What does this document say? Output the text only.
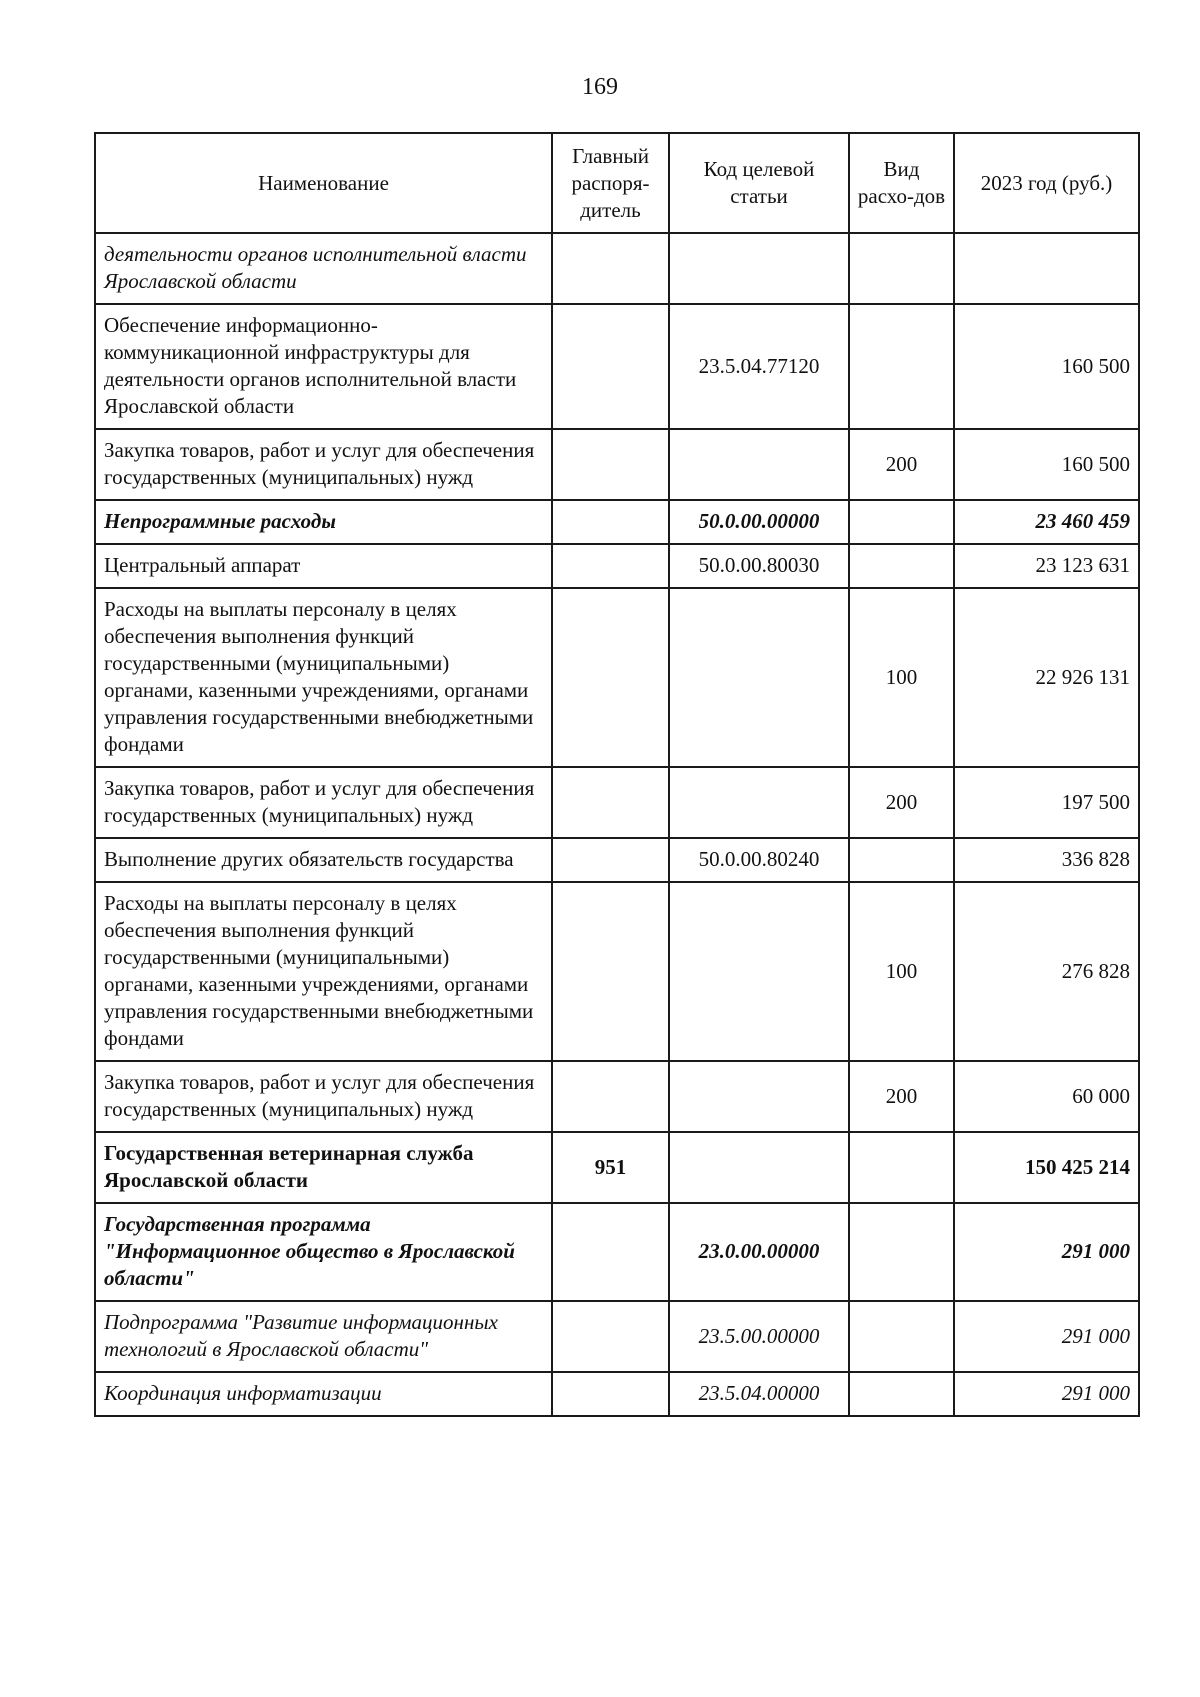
169
Наименование	Главный распоря-дитель	Код целевой статьи	Вид расхо-дов	2023 год (руб.)
деятельности органов исполнительной власти Ярославской области				
Обеспечение информационно-коммуникационной инфраструктуры для деятельности органов исполнительной власти Ярославской области		23.5.04.77120		160 500
Закупка товаров, работ и услуг для обеспечения государственных (муниципальных) нужд			200	160 500
Непрограммные расходы		50.0.00.00000		23 460 459
Центральный аппарат		50.0.00.80030		23 123 631
Расходы на выплаты персоналу в целях обеспечения выполнения функций государственными (муниципальными) органами, казенными учреждениями, органами управления государственными внебюджетными фондами			100	22 926 131
Закупка товаров, работ и услуг для обеспечения государственных (муниципальных) нужд			200	197 500
Выполнение других обязательств государства		50.0.00.80240		336 828
Расходы на выплаты персоналу в целях обеспечения выполнения функций государственными (муниципальными) органами, казенными учреждениями, органами управления государственными внебюджетными фондами			100	276 828
Закупка товаров, работ и услуг для обеспечения государственных (муниципальных) нужд			200	60 000
Государственная ветеринарная служба Ярославской области	951			150 425 214
Государственная программа "Информационное общество в Ярославской области"		23.0.00.00000		291 000
Подпрограмма "Развитие информационных технологий в Ярославской области"		23.5.00.00000		291 000
Координация информатизации		23.5.04.00000		291 000
